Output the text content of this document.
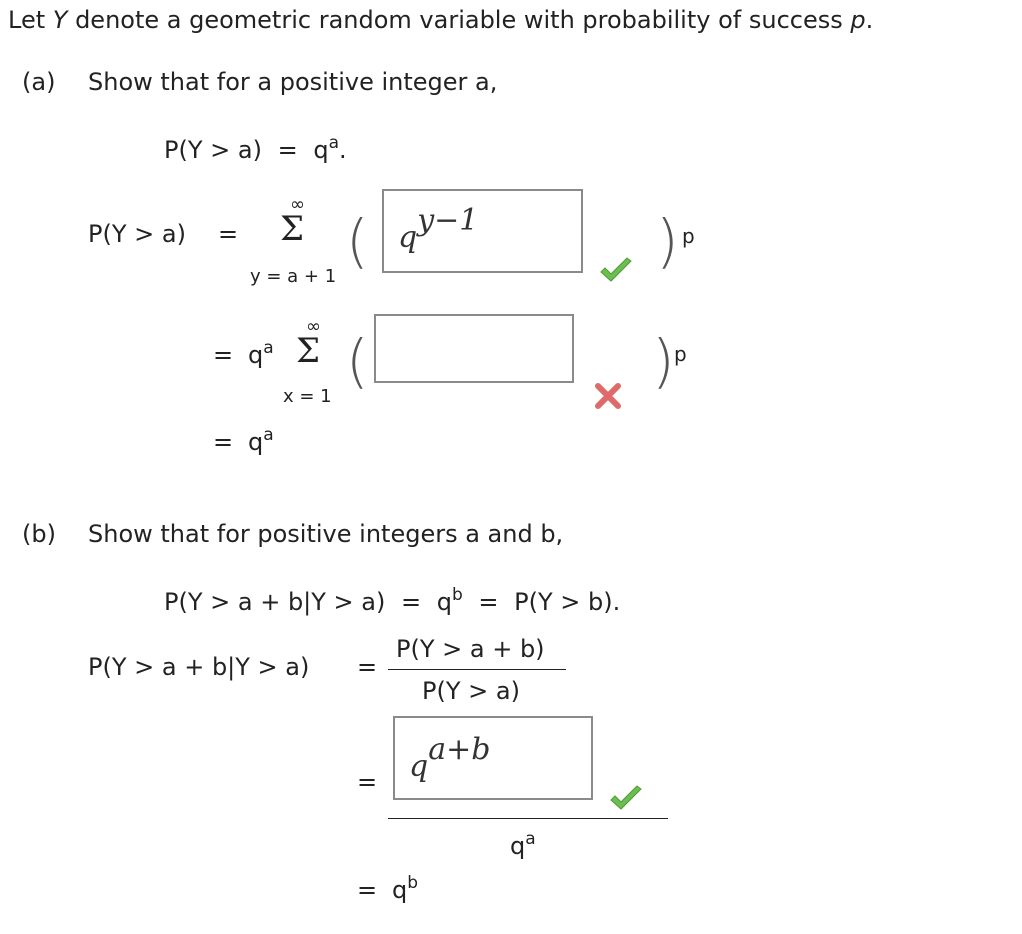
Let Y denote a geometric random variable with probability of success p.
(a) Show that for a positive integer a,
$P(Y > a) = q^a$.
P(Y > a) =
∞
Σ
y = a + 1
( $q^{y-1}$	) p
= $q^a$
∞
Σ
x = 1
(	) p
= $q^a$
(b) Show that for positive integers a and b,
$P(Y > a + b|Y > a) = q^b = P(Y > b)$.
P(Y > a + b|Y > a) =
P(Y > a + b)
P(Y > a)
= $q^{a+b}$
$q^a$
= $q^b$
